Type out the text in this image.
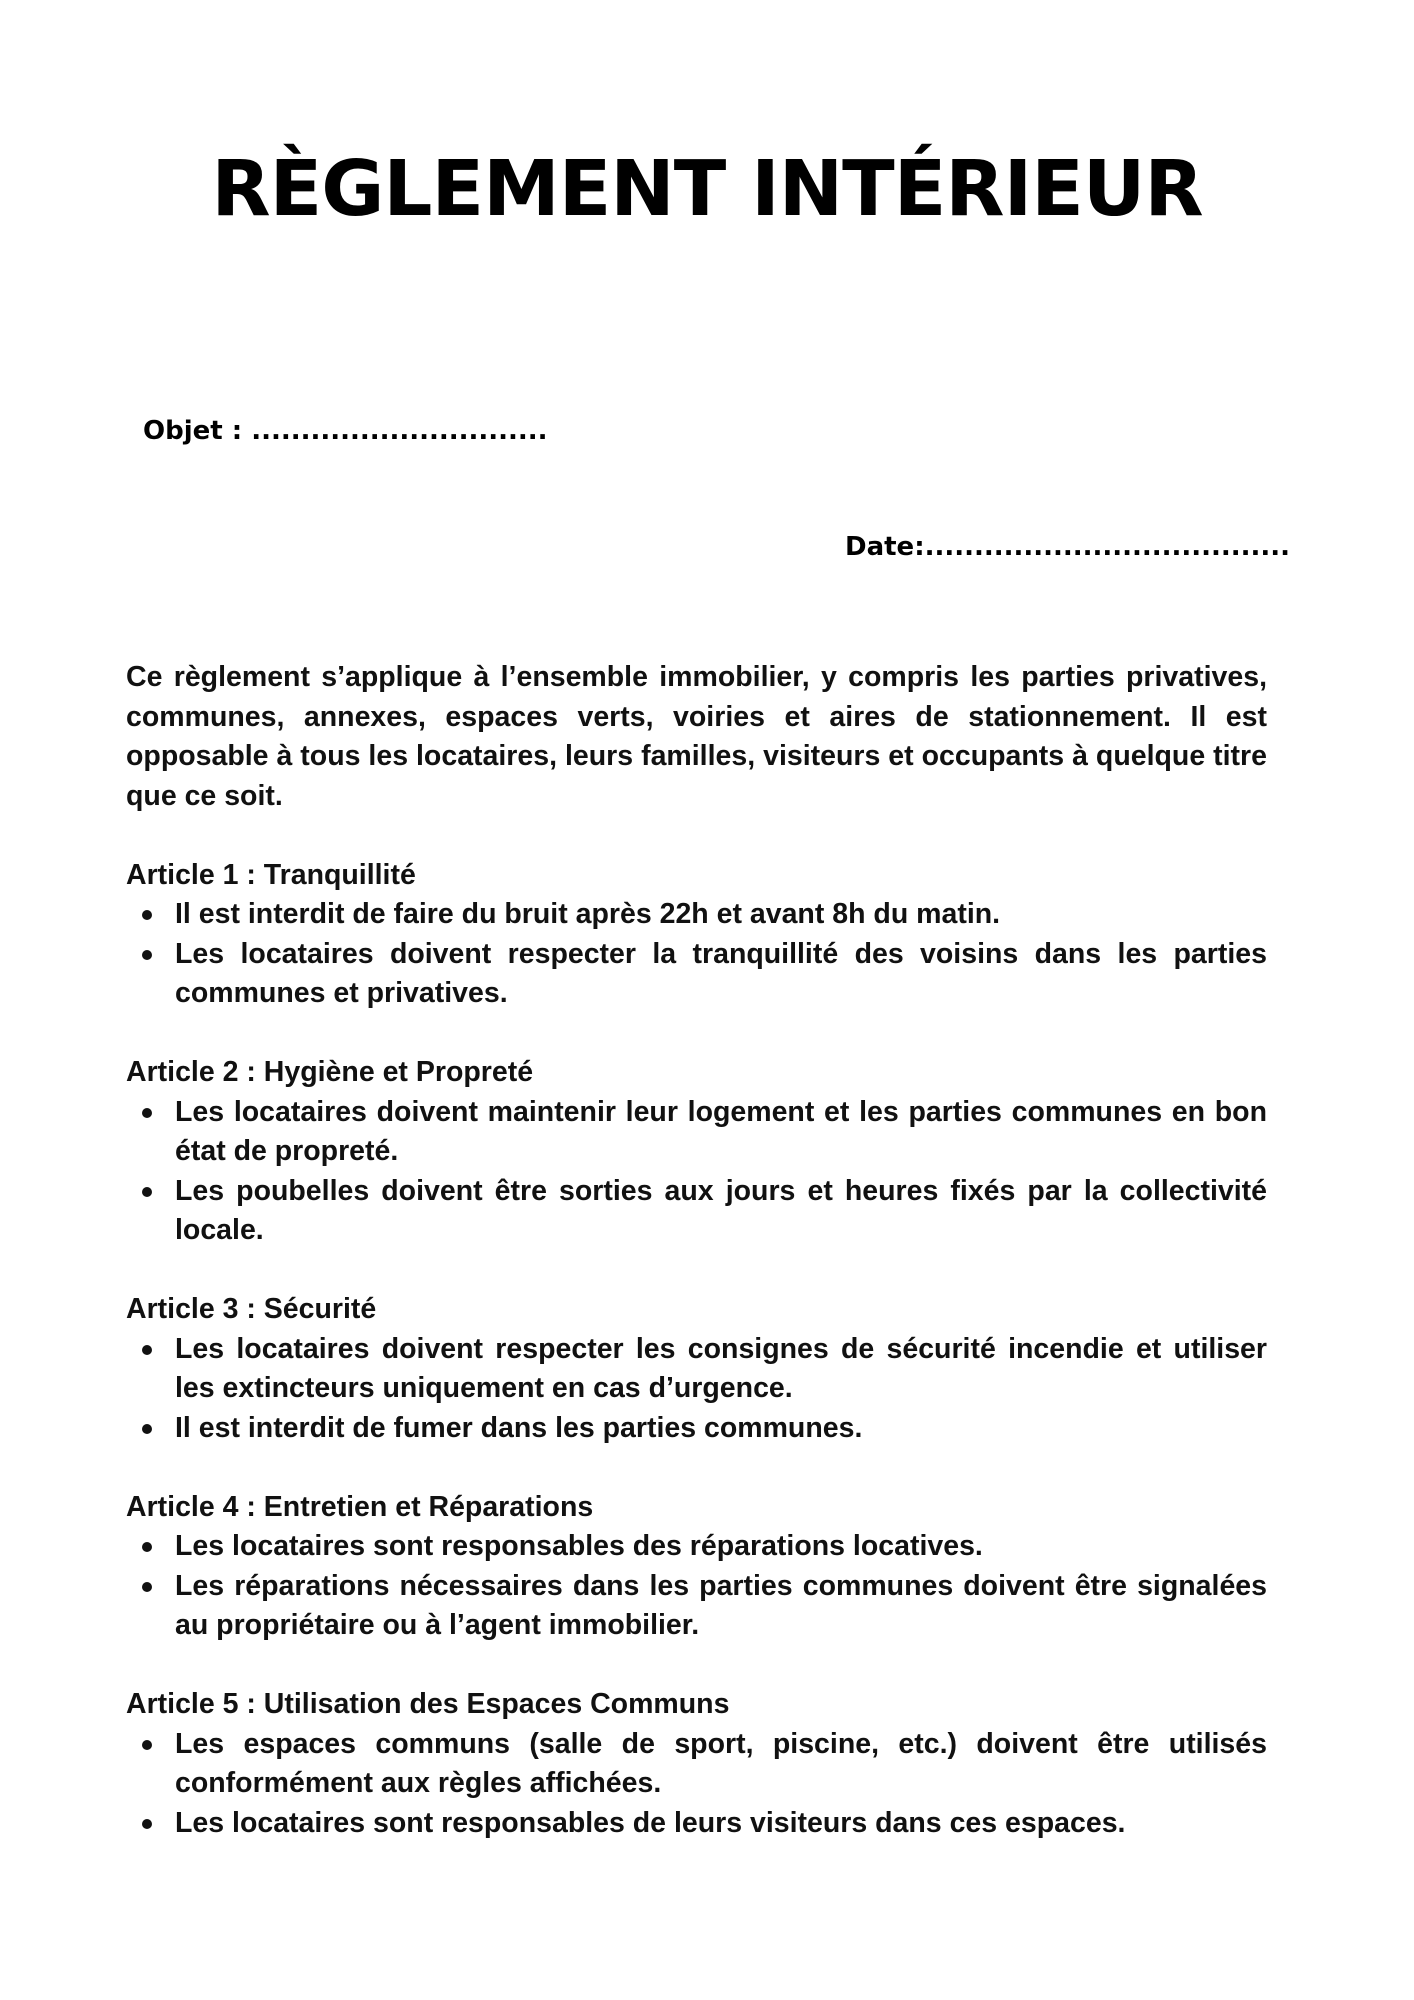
RÈGLEMENT INTÉRIEUR
Objet : ..............................
Date:.....................................

Ce règlement s’applique à l’ensemble immobilier, y compris les parties privatives, communes, annexes, espaces verts, voiries et aires de stationnement. Il est opposable à tous les locataires, leurs familles, visiteurs et occupants à quelque titre que ce soit.

Article 1 : Tranquillité
Il est interdit de faire du bruit après 22h et avant 8h du matin.
Les locataires doivent respecter la tranquillité des voisins dans les parties communes et privatives.
Article 2 : Hygiène et Propreté
Les locataires doivent maintenir leur logement et les parties communes en bon état de propreté.
Les poubelles doivent être sorties aux jours et heures fixés par la collectivité locale.
Article 3 : Sécurité
Les locataires doivent respecter les consignes de sécurité incendie et utiliser les extincteurs uniquement en cas d’urgence.
Il est interdit de fumer dans les parties communes.
Article 4 : Entretien et Réparations
Les locataires sont responsables des réparations locatives.
Les réparations nécessaires dans les parties communes doivent être signalées au propriétaire ou à l’agent immobilier.
Article 5 : Utilisation des Espaces Communs
Les espaces communs (salle de sport, piscine, etc.) doivent être utilisés conformément aux règles affichées.
Les locataires sont responsables de leurs visiteurs dans ces espaces.
